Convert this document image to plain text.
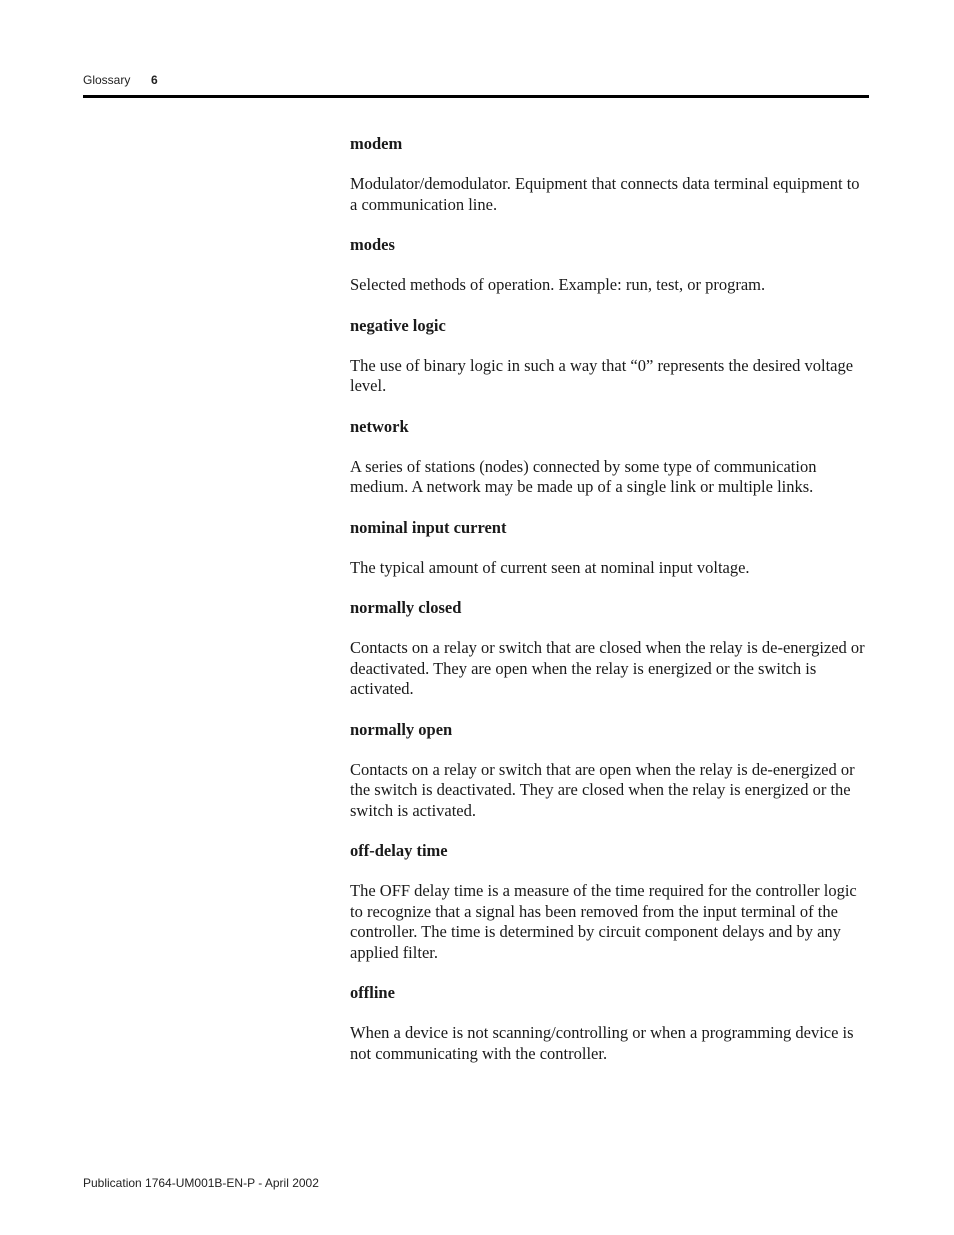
Glossary 6

modem

Modulator/demodulator. Equipment that connects data terminal equipment to a communication line.

modes

Selected methods of operation. Example: run, test, or program.

negative logic

The use of binary logic in such a way that “0” represents the desired voltage level.

network

A series of stations (nodes) connected by some type of communication medium. A network may be made up of a single link or multiple links.

nominal input current

The typical amount of current seen at nominal input voltage.

normally closed

Contacts on a relay or switch that are closed when the relay is de-energized or deactivated. They are open when the relay is energized or the switch is activated.

normally open

Contacts on a relay or switch that are open when the relay is de-energized or the switch is deactivated. They are closed when the relay is energized or the switch is activated.

off-delay time

The OFF delay time is a measure of the time required for the controller logic to recognize that a signal has been removed from the input terminal of the controller. The time is determined by circuit component delays and by any applied filter.

offline

When a device is not scanning/controlling or when a programming device is not communicating with the controller.

Publication 1764-UM001B-EN-P - April 2002
